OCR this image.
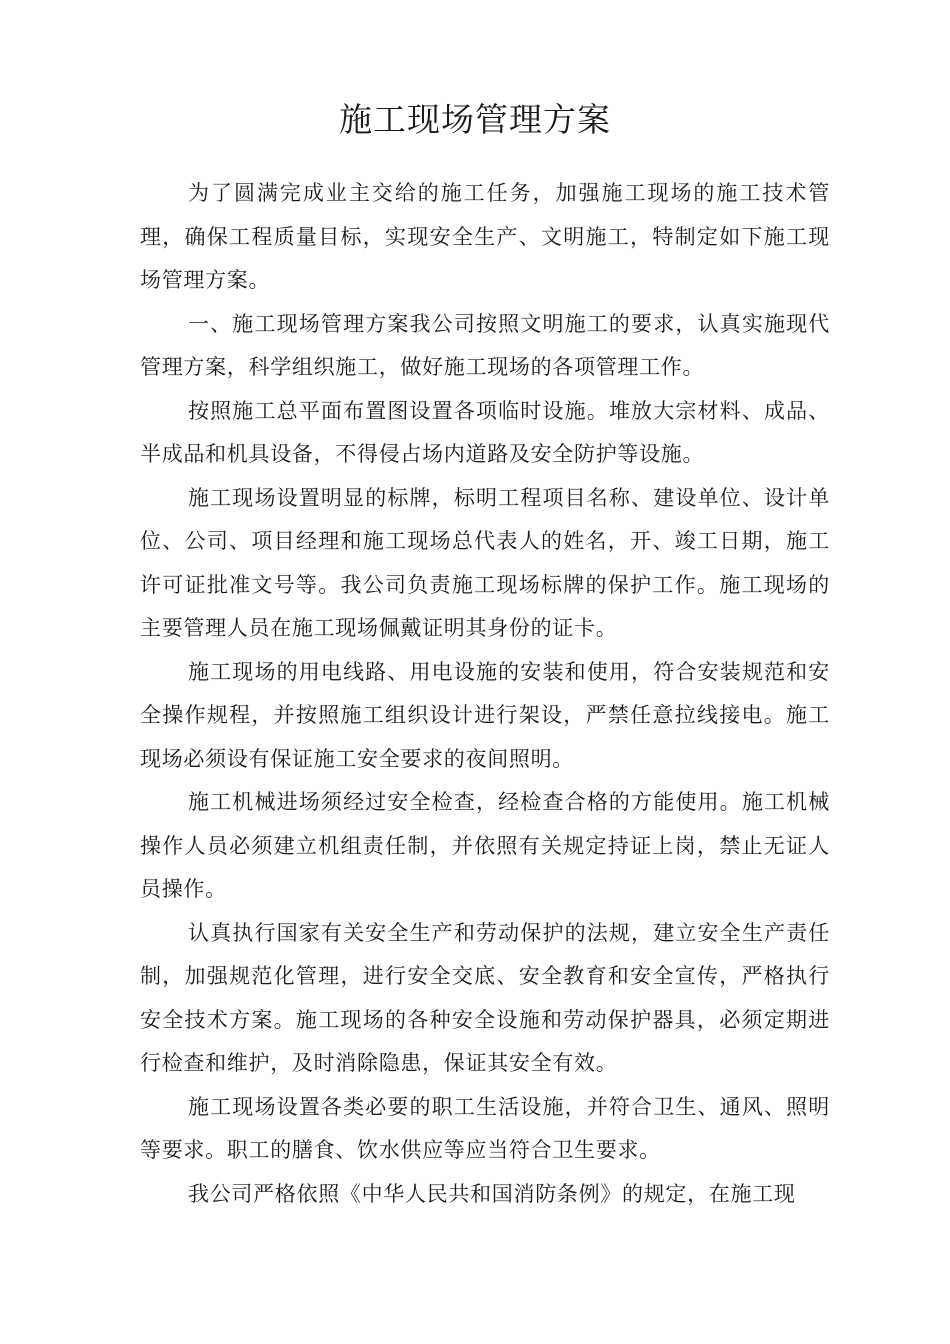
施工现场管理方案

为了圆满完成业主交给的施工任务，加强施工现场的施工技术管理，确保工程质量目标，实现安全生产、文明施工，特制定如下施工现场管理方案。

一、施工现场管理方案我公司按照文明施工的要求，认真实施现代管理方案，科学组织施工，做好施工现场的各项管理工作。

按照施工总平面布置图设置各项临时设施。堆放大宗材料、成品、半成品和机具设备，不得侵占场内道路及安全防护等设施。

施工现场设置明显的标牌，标明工程项目名称、建设单位、设计单位、公司、项目经理和施工现场总代表人的姓名，开、竣工日期，施工许可证批准文号等。我公司负责施工现场标牌的保护工作。施工现场的主要管理人员在施工现场佩戴证明其身份的证卡。

施工现场的用电线路、用电设施的安装和使用，符合安装规范和安全操作规程，并按照施工组织设计进行架设，严禁任意拉线接电。施工现场必须设有保证施工安全要求的夜间照明。

施工机械进场须经过安全检查，经检查合格的方能使用。施工机械操作人员必须建立机组责任制，并依照有关规定持证上岗，禁止无证人员操作。

认真执行国家有关安全生产和劳动保护的法规，建立安全生产责任制，加强规范化管理，进行安全交底、安全教育和安全宣传，严格执行安全技术方案。施工现场的各种安全设施和劳动保护器具，必须定期进行检查和维护，及时消除隐患，保证其安全有效。

施工现场设置各类必要的职工生活设施，并符合卫生、通风、照明等要求。职工的膳食、饮水供应等应当符合卫生要求。

我公司严格依照《中华人民共和国消防条例》的规定，在施工现
